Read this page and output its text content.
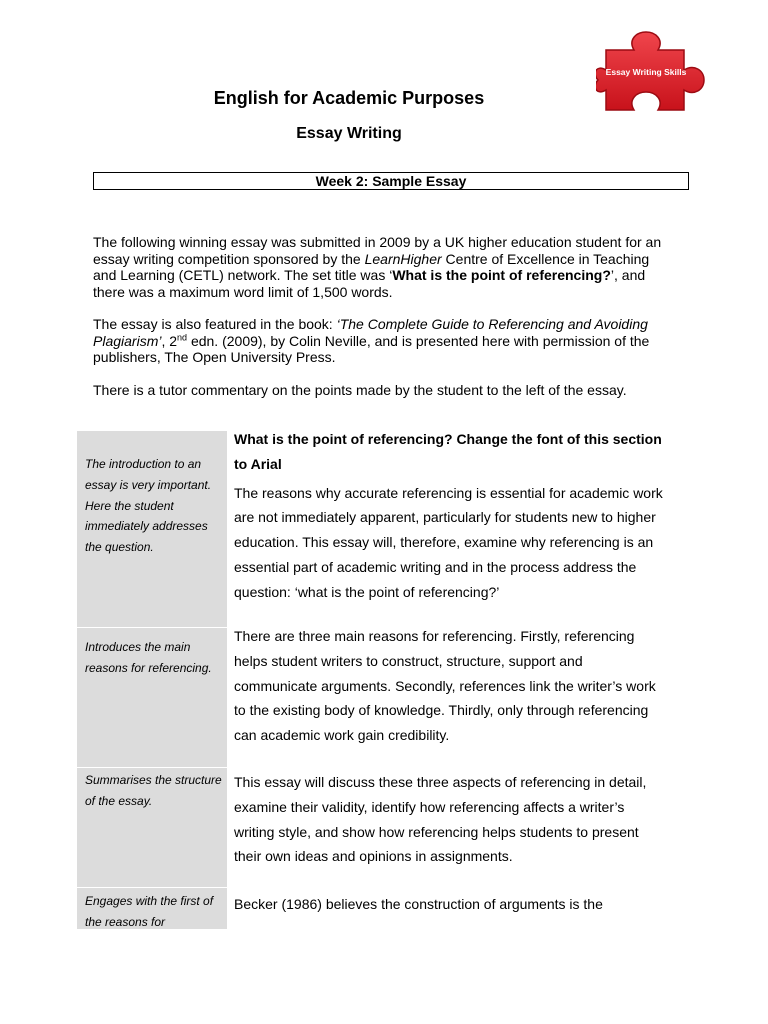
Essay Writing Skills
English for Academic Purposes
Essay Writing
Week 2: Sample Essay

The following winning essay was submitted in 2009 by a UK higher education student for an essay writing competition sponsored by the LearnHigher Centre of Excellence in Teaching and Learning (CETL) network. The set title was ‘What is the point of referencing?’, and there was a maximum word limit of 1,500 words.

The essay is also featured in the book: ‘The Complete Guide to Referencing and Avoiding Plagiarism’, 2nd edn. (2009), by Colin Neville, and is presented here with permission of the publishers, The Open University Press.

There is a tutor commentary on the points made by the student to the left of the essay.

The introduction to an essay is very important. Here the student immediately addresses the question.
Introduces the main reasons for referencing.
Summarises the structure of the essay.
Engages with the first of the reasons for
What is the point of referencing? Change the font of this section to Arial
The reasons why accurate referencing is essential for academic work are not immediately apparent, particularly for students new to higher education. This essay will, therefore, examine why referencing is an essential part of academic writing and in the process address the question: ‘what is the point of referencing?’
There are three main reasons for referencing. Firstly, referencing helps student writers to construct, structure, support and communicate arguments. Secondly, references link the writer’s work to the existing body of knowledge. Thirdly, only through referencing can academic work gain credibility.
This essay will discuss these three aspects of referencing in detail, examine their validity, identify how referencing affects a writer’s writing style, and show how referencing helps students to present their own ideas and opinions in assignments.
Becker (1986) believes the construction of arguments is the
